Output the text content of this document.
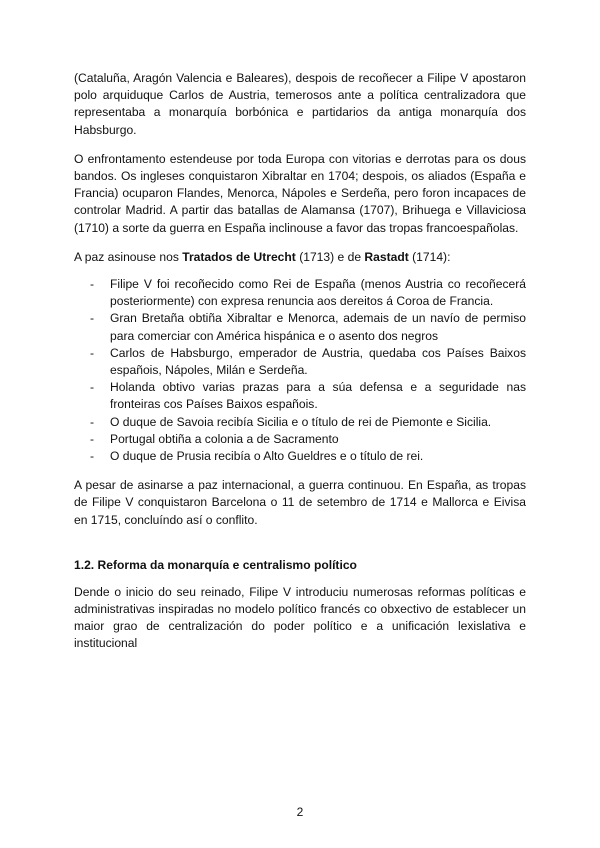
(Cataluña, Aragón Valencia e Baleares), despois de recoñecer a Filipe V apostaron polo arquiduque Carlos de Austria, temerosos ante a política centralizadora que representaba a monarquía borbónica e partidarios da antiga monarquía dos Habsburgo.

O enfrontamento estendeuse por toda Europa con vitorias e derrotas para os dous bandos. Os ingleses conquistaron Xibraltar en 1704; despois, os aliados (España e Francia) ocuparon Flandes, Menorca, Nápoles e Serdeña, pero foron incapaces de controlar Madrid. A partir das batallas de Alamansa (1707), Brihuega e Villaviciosa (1710) a sorte da guerra en España inclinouse a favor das tropas francoespañolas.

A paz asinouse nos Tratados de Utrecht (1713) e de Rastadt (1714):

- Filipe V foi recoñecido como Rei de España (menos Austria co recoñecerá posteriormente) con expresa renuncia aos dereitos á Coroa de Francia.
- Gran Bretaña obtiña Xibraltar e Menorca, ademais de un navío de permiso para comerciar con América hispánica e o asento dos negros
- Carlos de Habsburgo, emperador de Austria, quedaba cos Países Baixos españois, Nápoles, Milán e Serdeña.
- Holanda obtivo varias prazas para a súa defensa e a seguridade nas fronteiras cos Países Baixos españois.
- O duque de Savoia recibía Sicilia e o título de rei de Piemonte e Sicilia.
- Portugal obtiña a colonia a de Sacramento
- O duque de Prusia recibía o Alto Gueldres e o título de rei.

A pesar de asinarse a paz internacional, a guerra continuou. En España, as tropas de Filipe V conquistaron Barcelona o 11 de setembro de 1714 e Mallorca e Eivisa en 1715, concluíndo así o conflito.

1.2. Reforma da monarquía e centralismo político

Dende o inicio do seu reinado, Filipe V introduciu numerosas reformas políticas e administrativas inspiradas no modelo político francés co obxectivo de establecer un maior grao de centralización do poder político e a unificación lexislativa e institucional

2
